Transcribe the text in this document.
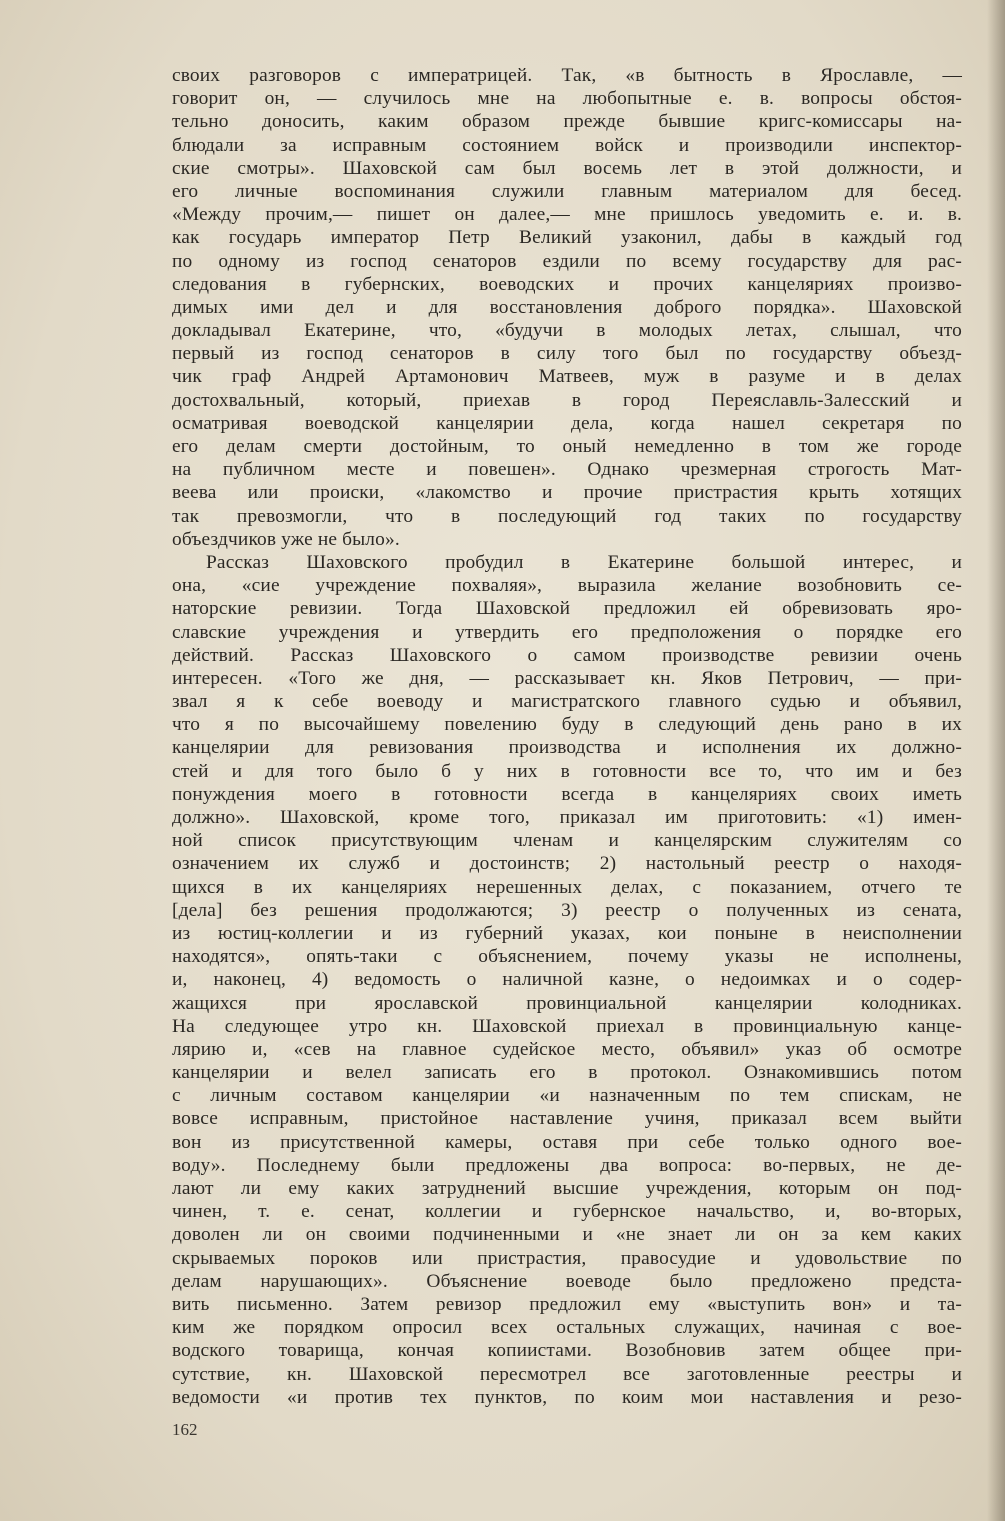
своих разговоров с императрицей. Так, «в бытность в Ярославле, —
говорит он, — случилось мне на любопытные е. в. вопросы обстоя-
тельно доносить, каким образом прежде бывшие кригс-комиссары на-
блюдали за исправным состоянием войск и производили инспектор-
ские смотры». Шаховской сам был восемь лет в этой должности, и
его личные воспоминания служили главным материалом для бесед.
«Между прочим,— пишет он далее,— мне пришлось уведомить е. и. в.
как государь император Петр Великий узаконил, дабы в каждый год
по одному из господ сенаторов ездили по всему государству для рас-
следования в губернских, воеводских и прочих канцеляриях произво-
димых ими дел и для восстановления доброго порядка». Шаховской
докладывал Екатерине, что, «будучи в молодых летах, слышал, что
первый из господ сенаторов в силу того был по государству объезд-
чик граф Андрей Артамонович Матвеев, муж в разуме и в делах
достохвальный, который, приехав в город Переяславль-Залесский и
осматривая воеводской канцелярии дела, когда нашел секретаря по
его делам смерти достойным, то оный немедленно в том же городе
на публичном месте и повешен». Однако чрезмерная строгость Мат-
веева или происки, «лакомство и прочие пристрастия крыть хотящих
так превозмогли, что в последующий год таких по государству
объездчиков уже не было».
Рассказ Шаховского пробудил в Екатерине большой интерес, и
она, «сие учреждение похваляя», выразила желание возобновить се-
наторские ревизии. Тогда Шаховской предложил ей обревизовать яро-
славские учреждения и утвердить его предположения о порядке его
действий. Рассказ Шаховского о самом производстве ревизии очень
интересен. «Того же дня, — рассказывает кн. Яков Петрович, — при-
звал я к себе воеводу и магистратского главного судью и объявил,
что я по высочайшему повелению буду в следующий день рано в их
канцелярии для ревизования производства и исполнения их должно-
стей и для того было б у них в готовности все то, что им и без
понуждения моего в готовности всегда в канцеляриях своих иметь
должно». Шаховской, кроме того, приказал им приготовить: «1) имен-
ной список присутствующим членам и канцелярским служителям со
означением их служб и достоинств; 2) настольный реестр о находя-
щихся в их канцеляриях нерешенных делах, с показанием, отчего те
[дела] без решения продолжаются; 3) реестр о полученных из сената,
из юстиц-коллегии и из губерний указах, кои поныне в неисполнении
находятся», опять-таки с объяснением, почему указы не исполнены,
и, наконец, 4) ведомость о наличной казне, о недоимках и о содер-
жащихся при ярославской провинциальной канцелярии колодниках.
На следующее утро кн. Шаховской приехал в провинциальную канце-
лярию и, «сев на главное судейское место, объявил» указ об осмотре
канцелярии и велел записать его в протокол. Ознакомившись потом
с личным составом канцелярии «и назначенным по тем спискам, не
вовсе исправным, пристойное наставление учиня, приказал всем выйти
вон из присутственной камеры, оставя при себе только одного вое-
воду». Последнему были предложены два вопроса: во-первых, не де-
лают ли ему каких затруднений высшие учреждения, которым он под-
чинен, т. е. сенат, коллегии и губернское начальство, и, во-вторых,
доволен ли он своими подчиненными и «не знает ли он за кем каких
скрываемых пороков или пристрастия, правосудие и удовольствие по
делам нарушающих». Объяснение воеводе было предложено предста-
вить письменно. Затем ревизор предложил ему «выступить вон» и та-
ким же порядком опросил всех остальных служащих, начиная с вое-
водского товарища, кончая копиистами. Возобновив затем общее при-
сутствие, кн. Шаховской пересмотрел все заготовленные реестры и
ведомости «и против тех пунктов, по коим мои наставления и резо-
162
